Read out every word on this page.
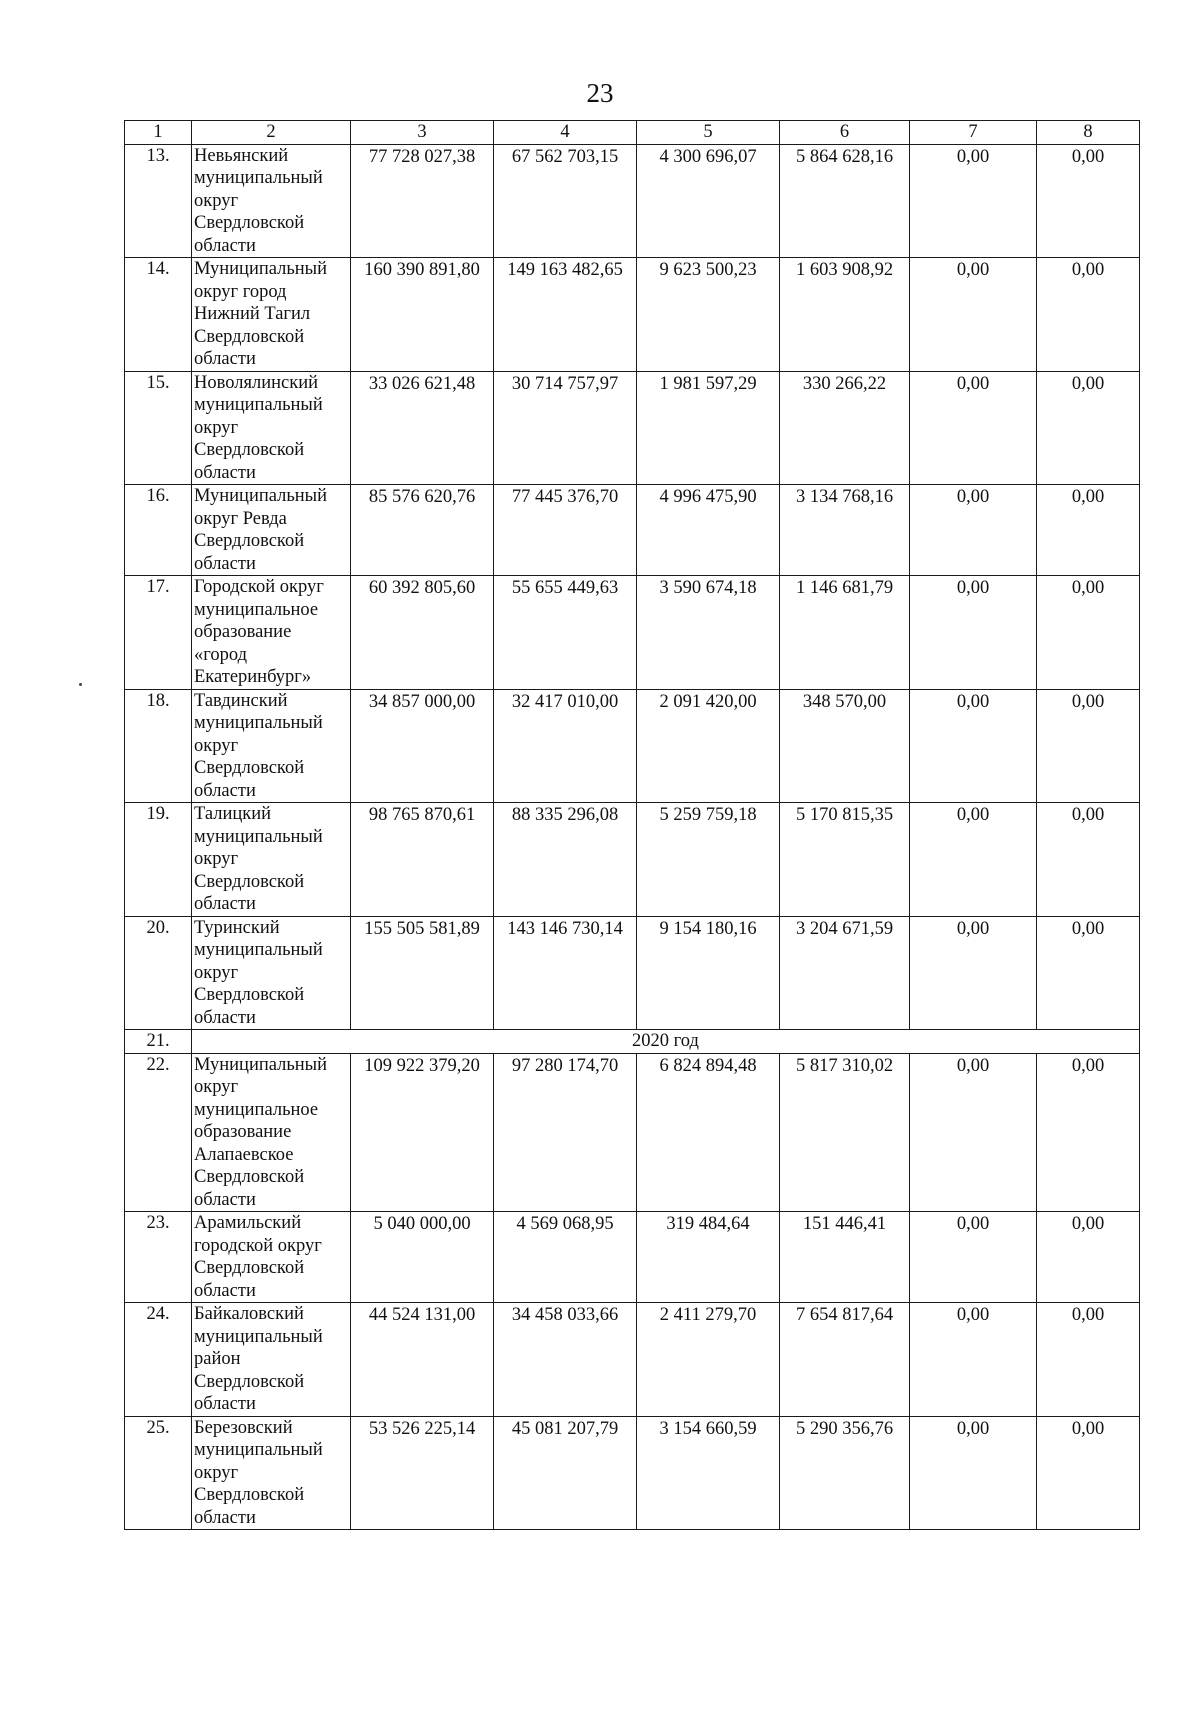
23
1	2	3	4	5	6	7	8
13.	Невьянский муниципальный округ Свердловской области	77 728 027,38	67 562 703,15	4 300 696,07	5 864 628,16	0,00	0,00
14.	Муниципальный округ город Нижний Тагил Свердловской области	160 390 891,80	149 163 482,65	9 623 500,23	1 603 908,92	0,00	0,00
15.	Новолялинский муниципальный округ Свердловской области	33 026 621,48	30 714 757,97	1 981 597,29	330 266,22	0,00	0,00
16.	Муниципальный округ Ревда Свердловской области	85 576 620,76	77 445 376,70	4 996 475,90	3 134 768,16	0,00	0,00
17.	Городской округ муниципальное образование «город Екатеринбург»	60 392 805,60	55 655 449,63	3 590 674,18	1 146 681,79	0,00	0,00
18.	Тавдинский муниципальный округ Свердловской области	34 857 000,00	32 417 010,00	2 091 420,00	348 570,00	0,00	0,00
19.	Талицкий муниципальный округ Свердловской области	98 765 870,61	88 335 296,08	5 259 759,18	5 170 815,35	0,00	0,00
20.	Туринский муниципальный округ Свердловской области	155 505 581,89	143 146 730,14	9 154 180,16	3 204 671,59	0,00	0,00
21.	2020 год						
22.	Муниципальный округ муниципальное образование Алапаевское Свердловской области	109 922 379,20	97 280 174,70	6 824 894,48	5 817 310,02	0,00	0,00
23.	Арамильский городской округ Свердловской области	5 040 000,00	4 569 068,95	319 484,64	151 446,41	0,00	0,00
24.	Байкаловский муниципальный район Свердловской области	44 524 131,00	34 458 033,66	2 411 279,70	7 654 817,64	0,00	0,00
25.	Березовский муниципальный округ Свердловской области	53 526 225,14	45 081 207,79	3 154 660,59	5 290 356,76	0,00	0,00
